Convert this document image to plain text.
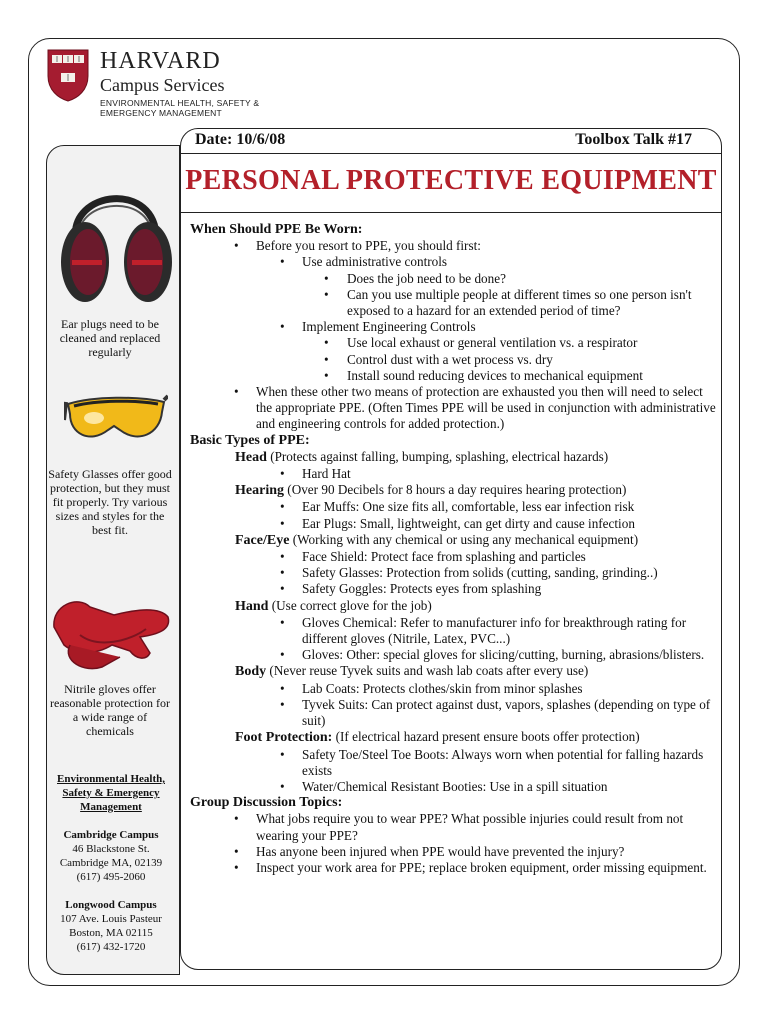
HARVARD
Campus Services
ENVIRONMENTAL HEALTH, SAFETY &
EMERGENCY MANAGEMENT
Ear plugs need to be cleaned and replaced regularly
Safety Glasses offer good protection, but they must fit properly. Try various sizes and styles for the best fit.
Nitrile gloves offer reasonable protection for a wide range of chemicals
Environmental Health, Safety & Emergency Management
Cambridge Campus
46 Blackstone St.
Cambridge MA, 02139
(617) 495-2060
Longwood Campus
107 Ave. Louis Pasteur
Boston, MA 02115
(617) 432-1720
Date: 10/6/08	Toolbox Talk #17
PERSONAL PROTECTIVE EQUIPMENT

When Should PPE Be Worn:

• Before you resort to PPE, you should first:
• Use administrative controls
• Does the job need to be done?
• Can you use multiple people at different times so one person isn't exposed to a hazard for an extended period of time?
• Implement Engineering Controls
• Use local exhaust or general ventilation vs. a respirator
• Control dust with a wet process vs. dry
• Install sound reducing devices to mechanical equipment
• When these other two means of protection are exhausted you then will need to select the appropriate PPE. (Often Times PPE will be used in conjunction with administrative and engineering controls for added protection.)

Basic Types of PPE:

Head (Protects against falling, bumping, splashing, electrical hazards)

• Hard Hat

Hearing (Over 90 Decibels for 8 hours a day requires hearing protection)

• Ear Muffs: One size fits all, comfortable, less ear infection risk
• Ear Plugs: Small, lightweight, can get dirty and cause infection

Face/Eye (Working with any chemical or using any mechanical equipment)

• Face Shield: Protect face from splashing and particles
• Safety Glasses: Protection from solids (cutting, sanding, grinding..)
• Safety Goggles: Protects eyes from splashing

Hand (Use correct glove for the job)

• Gloves Chemical: Refer to manufacturer info for breakthrough rating for different gloves (Nitrile, Latex, PVC...)
• Gloves: Other: special gloves for slicing/cutting, burning, abrasions/blisters.

Body (Never reuse Tyvek suits and wash lab coats after every use)

• Lab Coats: Protects clothes/skin from minor splashes
• Tyvek Suits: Can protect against dust, vapors, splashes (depending on type of suit)

Foot Protection: (If electrical hazard present ensure boots offer protection)

• Safety Toe/Steel Toe Boots: Always worn when potential for falling hazards exists
• Water/Chemical Resistant Booties: Use in a spill situation

Group Discussion Topics:

• What jobs require you to wear PPE? What possible injuries could result from not wearing your PPE?
• Has anyone been injured when PPE would have prevented the injury?
• Inspect your work area for PPE; replace broken equipment, order missing equipment.
